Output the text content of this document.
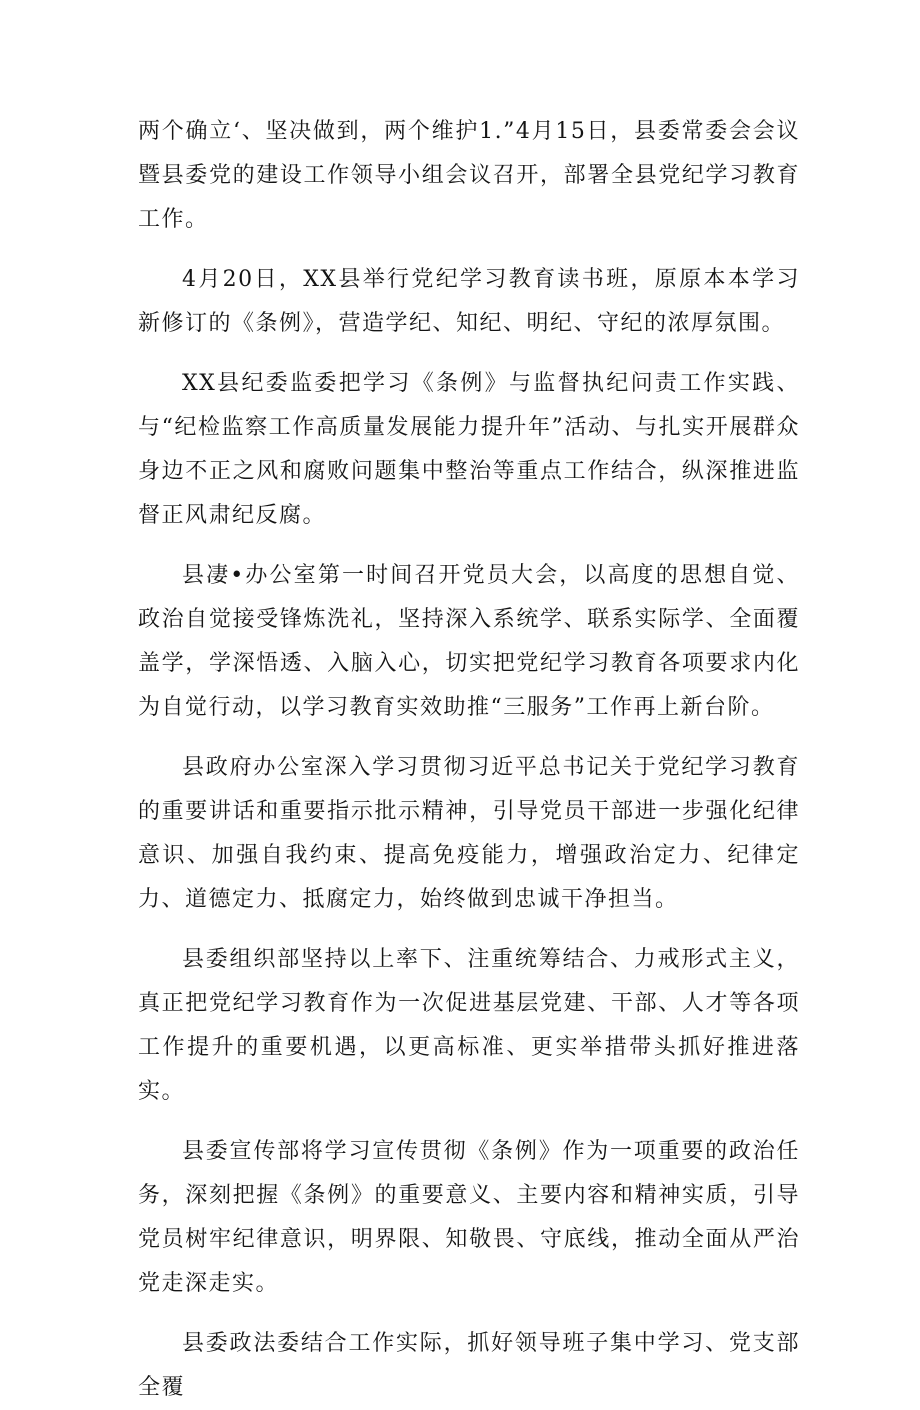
两个确立‘、坚决做到，两个维护1.”4月15日，县委常委会会议暨县委党的建设工作领导小组会议召开，部署全县党纪学习教育工作。

4月20日，XX县举行党纪学习教育读书班，原原本本学习新修订的《条例》，营造学纪、知纪、明纪、守纪的浓厚氛围。

XX县纪委监委把学习《条例》与监督执纪问责工作实践、与“纪检监察工作高质量发展能力提升年”活动、与扎实开展群众身边不正之风和腐败问题集中整治等重点工作结合，纵深推进监督正风肃纪反腐。

县凄•办公室第一时间召开党员大会，以高度的思想自觉、政治自觉接受锋炼洗礼，坚持深入系统学、联系实际学、全面覆盖学，学深悟透、入脑入心，切实把党纪学习教育各项要求内化为自觉行动，以学习教育实效助推“三服务”工作再上新台阶。

县政府办公室深入学习贯彻习近平总书记关于党纪学习教育的重要讲话和重要指示批示精神，引导党员干部进一步强化纪律意识、加强自我约束、提高免疫能力，增强政治定力、纪律定力、道德定力、抵腐定力，始终做到忠诚干净担当。

县委组织部坚持以上率下、注重统筹结合、力戒形式主义，真正把党纪学习教育作为一次促进基层党建、干部、人才等各项工作提升的重要机遇，以更高标准、更实举措带头抓好推进落实。

县委宣传部将学习宣传贯彻《条例》作为一项重要的政治任务，深刻把握《条例》的重要意义、主要内容和精神实质，引导党员树牢纪律意识，明界限、知敬畏、守底线，推动全面从严治党走深走实。

县委政法委结合工作实际，抓好领导班子集中学习、党支部全覆
